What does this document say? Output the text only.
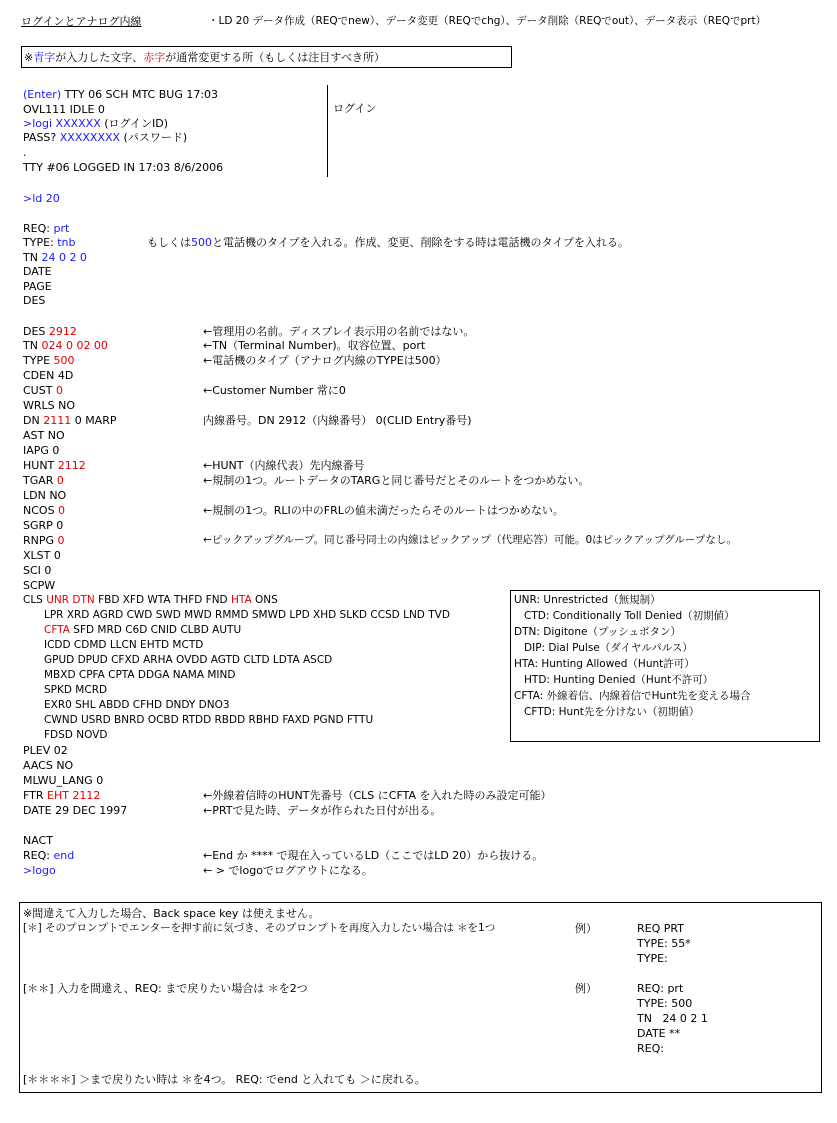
ログインとアナログ内線	・LD 20 データ作成（REQでnew）、データ変更（REQでchg）、データ削除（REQでout）、データ表示（REQでprt）
※青字が入力した文字、赤字が通常変更する所（もしくは注目すべき所）
(Enter) TTY 06 SCH MTC BUG 17:03
OVL111 IDLE 0
>logi XXXXXX (ログインID)
PASS? XXXXXXXX (パスワード)
.
TTY #06 LOGGED IN 17:03 8/6/2006
ログイン
>ld 20
REQ: prt
TYPE: tnb	もしくは500と電話機のタイプを入れる。作成、変更、削除をする時は電話機のタイプを入れる。
TN 24 0 2 0
DATE
PAGE
DES
DES 2912	←管理用の名前。ディスプレイ表示用の名前ではない。
TN 024 0 02 00	←TN（Terminal Number)。収容位置、port
TYPE 500	←電話機のタイプ（アナログ内線のTYPEは500）
CDEN 4D
CUST 0	←Customer Number 常に0
WRLS NO
DN 2111 0 MARP	内線番号。DN 2912（内線番号） 0(CLID Entry番号)
AST NO
IAPG 0
HUNT 2112	←HUNT（内線代表）先内線番号
TGAR 0	←規制の1つ。ルートデータのTARGと同じ番号だとそのルートをつかめない。
LDN NO
NCOS 0	←規制の1つ。RLIの中のFRLの値未満だったらそのルートはつかめない。
SGRP 0
RNPG 0	←ピックアップグループ。同じ番号同士の内線はピックアップ（代理応答）可能。0はピックアップグループなし。
XLST 0
SCI 0
SCPW
CLS UNR DTN FBD XFD WTA THFD FND HTA ONS
LPR XRD AGRD CWD SWD MWD RMMD SMWD LPD XHD SLKD CCSD LND TVD
CFTA SFD MRD C6D CNID CLBD AUTU
ICDD CDMD LLCN EHTD MCTD
GPUD DPUD CFXD ARHA OVDD AGTD CLTD LDTA ASCD
MBXD CPFA CPTA DDGA NAMA MIND
SPKD MCRD
EXR0 SHL ABDD CFHD DNDY DNO3
CWND USRD BNRD OCBD RTDD RBDD RBHD FAXD PGND FTTU
FDSD NOVD
UNR: Unrestricted（無規制）
CTD: Conditionally Toll Denied（初期値）
DTN: Digitone（プッシュボタン）
DIP: Dial Pulse（ダイヤルパルス）
HTA: Hunting Allowed（Hunt許可）
HTD: Hunting Denied（Hunt不許可）
CFTA: 外線着信、内線着信でHunt先を変える場合
CFTD: Hunt先を分けない（初期値）
PLEV 02
AACS NO
MLWU_LANG 0
FTR EHT 2112	←外線着信時のHUNT先番号（CLS にCFTA を入れた時のみ設定可能）
DATE 29 DEC 1997	←PRTで見た時、データが作られた日付が出る。
NACT
REQ: end	←End か **** で現在入っているLD（ここではLD 20）から抜ける。
>logo	← > でlogoでログアウトになる。
※間違えて入力した場合、Back space key は使えません。
[＊] そのプロンプトでエンターを押す前に気づき、そのプロンプトを再度入力したい場合は ＊を1つ	例）	REQ PRT
TYPE: 55*
TYPE:
[＊＊] 入力を間違え、REQ: まで戻りたい場合は ＊を2つ	例）	REQ: prt
TYPE: 500
TN   24 0 2 1
DATE **
REQ:
[＊＊＊＊] ＞まで戻りたい時は ＊を4つ。 REQ: でend と入れても ＞に戻れる。
